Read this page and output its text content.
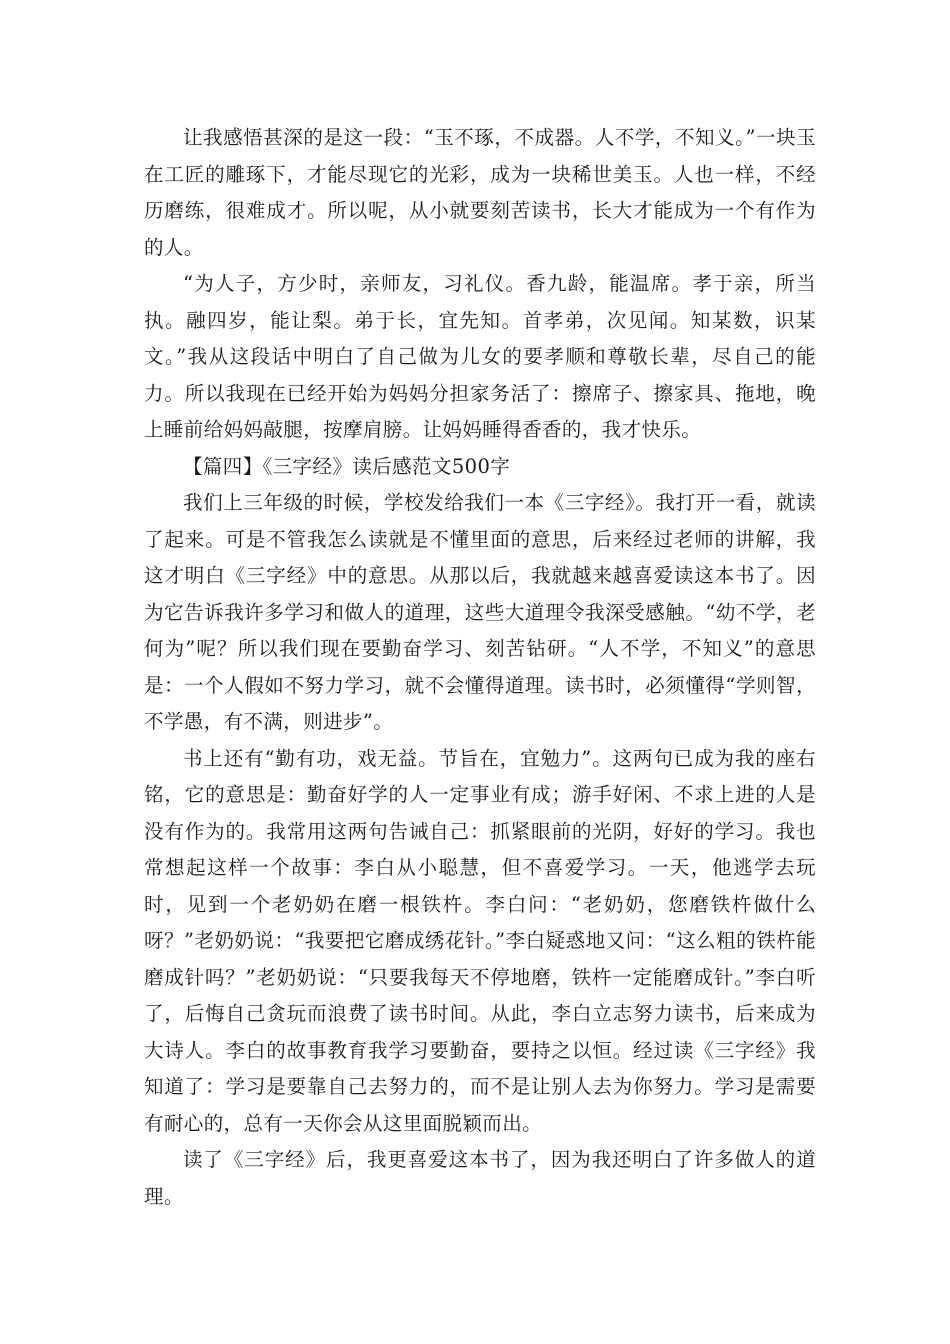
让我感悟甚深的是这一段：“玉不琢，不成器。人不学，不知义。”一块玉在工匠的雕琢下，才能尽现它的光彩，成为一块稀世美玉。人也一样，不经历磨练，很难成才。所以呢，从小就要刻苦读书，长大才能成为一个有作为的人。

“为人子，方少时，亲师友，习礼仪。香九龄，能温席。孝于亲，所当执。融四岁，能让梨。弟于长，宜先知。首孝弟，次见闻。知某数，识某文。”我从这段话中明白了自己做为儿女的要孝顺和尊敬长辈，尽自己的能力。所以我现在已经开始为妈妈分担家务活了：擦席子、擦家具、拖地，晚上睡前给妈妈敲腿，按摩肩膀。让妈妈睡得香香的，我才快乐。

【篇四】《三字经》读后感范文500字

我们上三年级的时候，学校发给我们一本《三字经》。我打开一看，就读了起来。可是不管我怎么读就是不懂里面的意思，后来经过老师的讲解，我这才明白《三字经》中的意思。从那以后，我就越来越喜爱读这本书了。因为它告诉我许多学习和做人的道理，这些大道理令我深受感触。“幼不学，老何为”呢？所以我们现在要勤奋学习、刻苦钻研。“人不学，不知义”的意思是：一个人假如不努力学习，就不会懂得道理。读书时，必须懂得“学则智，不学愚，有不满，则进步”。

书上还有“勤有功，戏无益。节旨在，宜勉力”。这两句已成为我的座右铭，它的意思是：勤奋好学的人一定事业有成；游手好闲、不求上进的人是没有作为的。我常用这两句告诫自己：抓紧眼前的光阴，好好的学习。我也常想起这样一个故事：李白从小聪慧，但不喜爱学习。一天，他逃学去玩时，见到一个老奶奶在磨一根铁杵。李白问：“老奶奶，您磨铁杵做什么呀？”老奶奶说：“我要把它磨成绣花针。”李白疑惑地又问：“这么粗的铁杵能磨成针吗？”老奶奶说：“只要我每天不停地磨，铁杵一定能磨成针。”李白听了，后悔自己贪玩而浪费了读书时间。从此，李白立志努力读书，后来成为大诗人。李白的故事教育我学习要勤奋，要持之以恒。经过读《三字经》我知道了：学习是要靠自己去努力的，而不是让别人去为你努力。学习是需要有耐心的，总有一天你会从这里面脱颖而出。

读了《三字经》后，我更喜爱这本书了，因为我还明白了许多做人的道理。
